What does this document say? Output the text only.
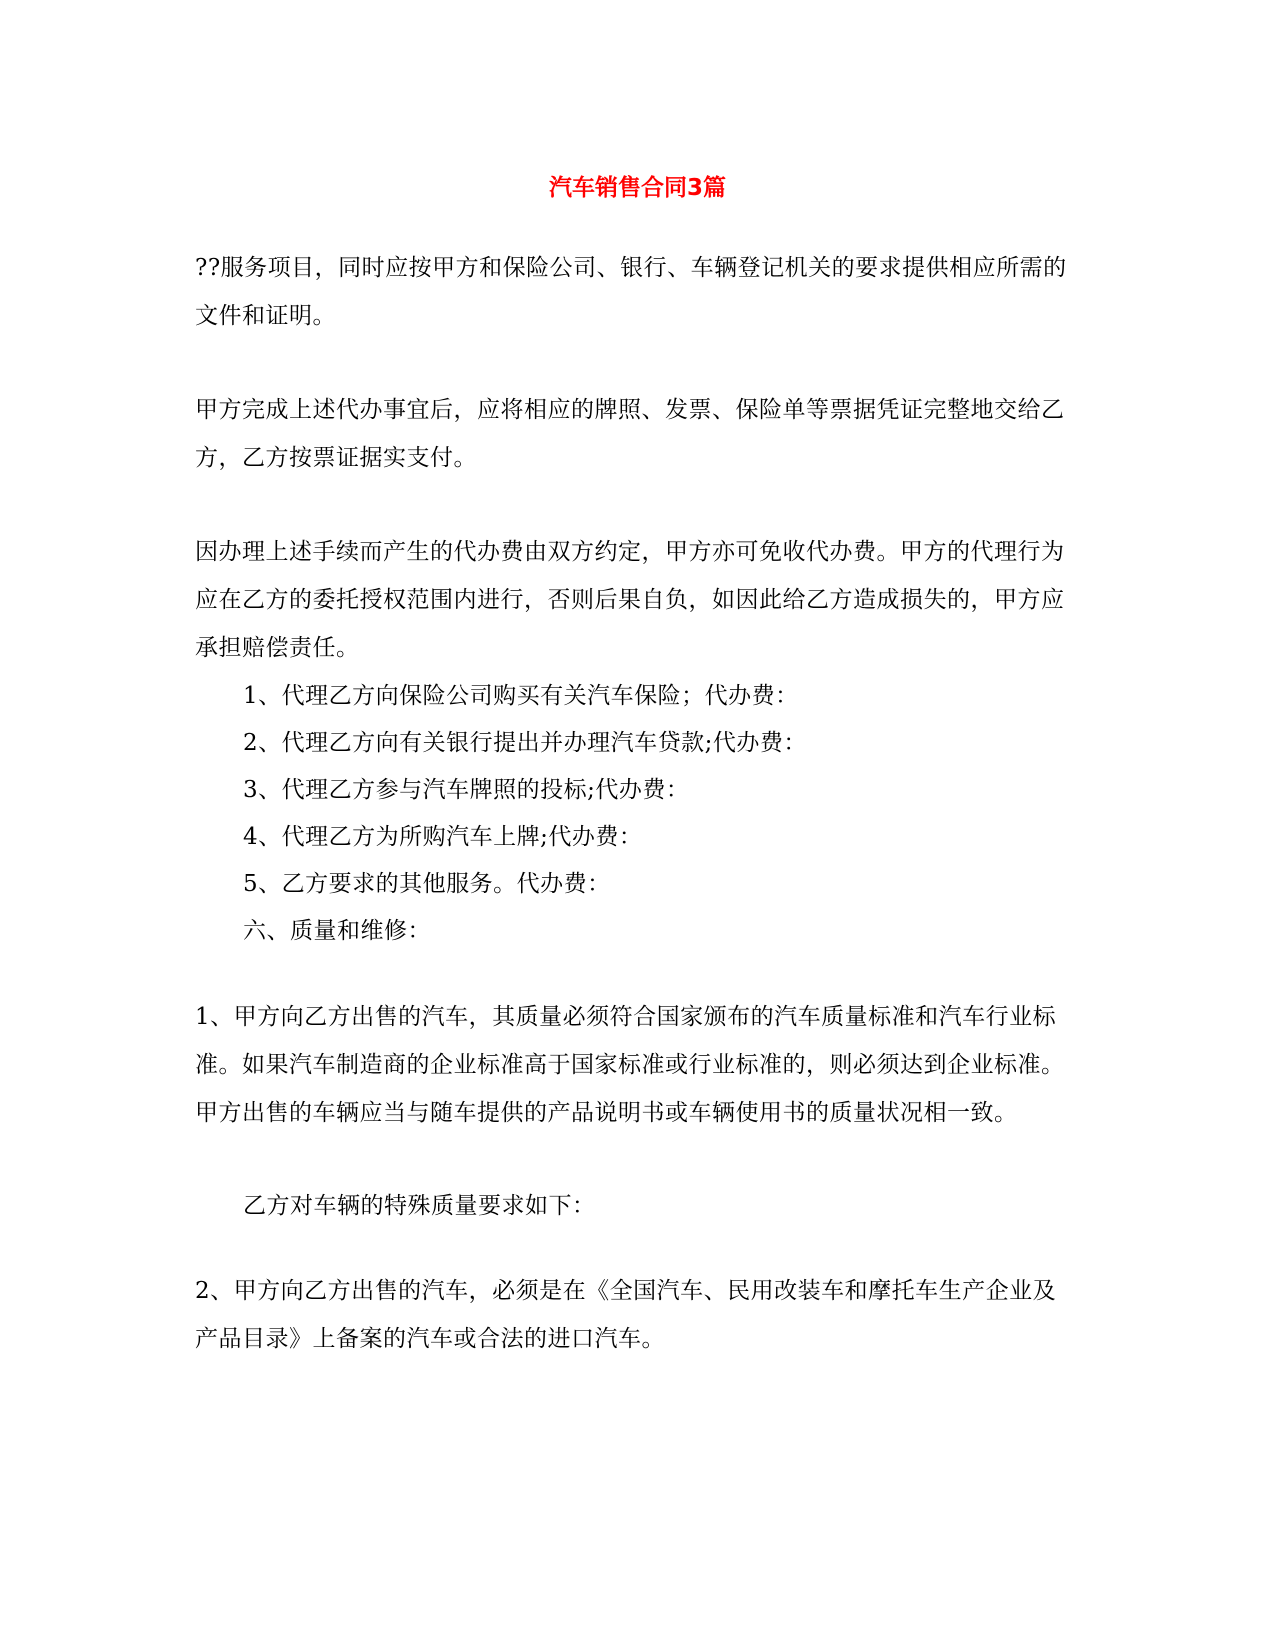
汽车销售合同3篇
??服务项目，同时应按甲方和保险公司、银行、车辆登记机关的要求提供相应所需的文件和证明。
甲方完成上述代办事宜后，应将相应的牌照、发票、保险单等票据凭证完整地交给乙方，乙方按票证据实支付。
因办理上述手续而产生的代办费由双方约定，甲方亦可免收代办费。甲方的代理行为应在乙方的委托授权范围内进行，否则后果自负，如因此给乙方造成损失的，甲方应承担赔偿责任。
1、代理乙方向保险公司购买有关汽车保险；代办费：
2、代理乙方向有关银行提出并办理汽车贷款;代办费：
3、代理乙方参与汽车牌照的投标;代办费：
4、代理乙方为所购汽车上牌;代办费：
5、乙方要求的其他服务。代办费：
六、质量和维修：
1、甲方向乙方出售的汽车，其质量必须符合国家颁布的汽车质量标准和汽车行业标准。如果汽车制造商的企业标准高于国家标准或行业标准的，则必须达到企业标准。甲方出售的车辆应当与随车提供的产品说明书或车辆使用书的质量状况相一致。
乙方对车辆的特殊质量要求如下：
2、甲方向乙方出售的汽车，必须是在《全国汽车、民用改装车和摩托车生产企业及产品目录》上备案的汽车或合法的进口汽车。
